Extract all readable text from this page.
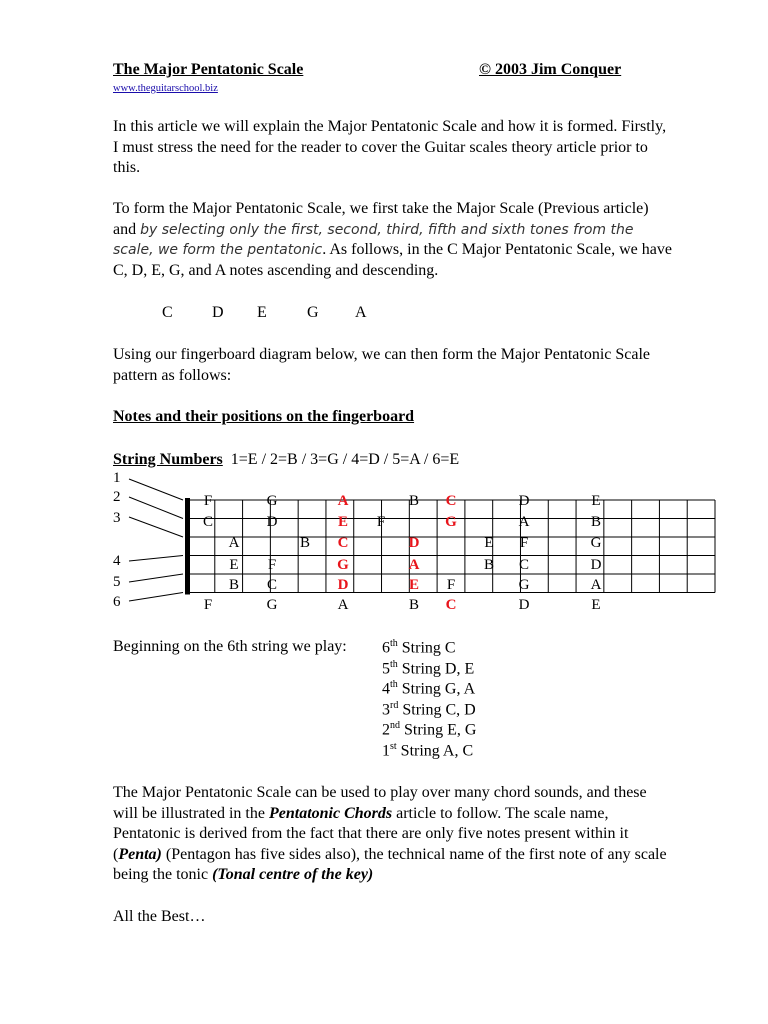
The Major Pentatonic Scale	© 2003 Jim Conquer
www.theguitarschool.biz

In this article we will explain the Major Pentatonic Scale and how it is formed. Firstly, I must stress the need for the reader to cover the Guitar scales theory article prior to this.

To form the Major Pentatonic Scale, we first take the Major Scale (Previous article) and by selecting only the first, second, third, fifth and sixth tones from the scale, we form the pentatonic. As follows, in the C Major Pentatonic Scale, we have C, D, E, G, and A notes ascending and descending.

C D E	G A

Using our fingerboard diagram below, we can then form the Major Pentatonic Scale pattern as follows:

Notes and their positions on the fingerboard
String Numbers 1=E / 2=B / 3=G / 4=D / 5=A / 6=E
1
2
3
4
5
6
F	G	A	B C	D	E
C	D	E F	G	A	B
A	B C	D	E F	G
E F	G	A	B C	D
B C	D	E F	G	A
F	G	A	B C	D	E
Beginning on the 6th string we play: 6th String C
5th String D, E
4th String G, A
3rd String C, D
2nd String E, G
1st String A, C

The Major Pentatonic Scale can be used to play over many chord sounds, and these will be illustrated in the Pentatonic Chords article to follow. The scale name, Pentatonic is derived from the fact that there are only five notes present within it (Penta) (Pentagon has five sides also), the technical name of the first note of any scale being the tonic (Tonal centre of the key)

All the Best…
